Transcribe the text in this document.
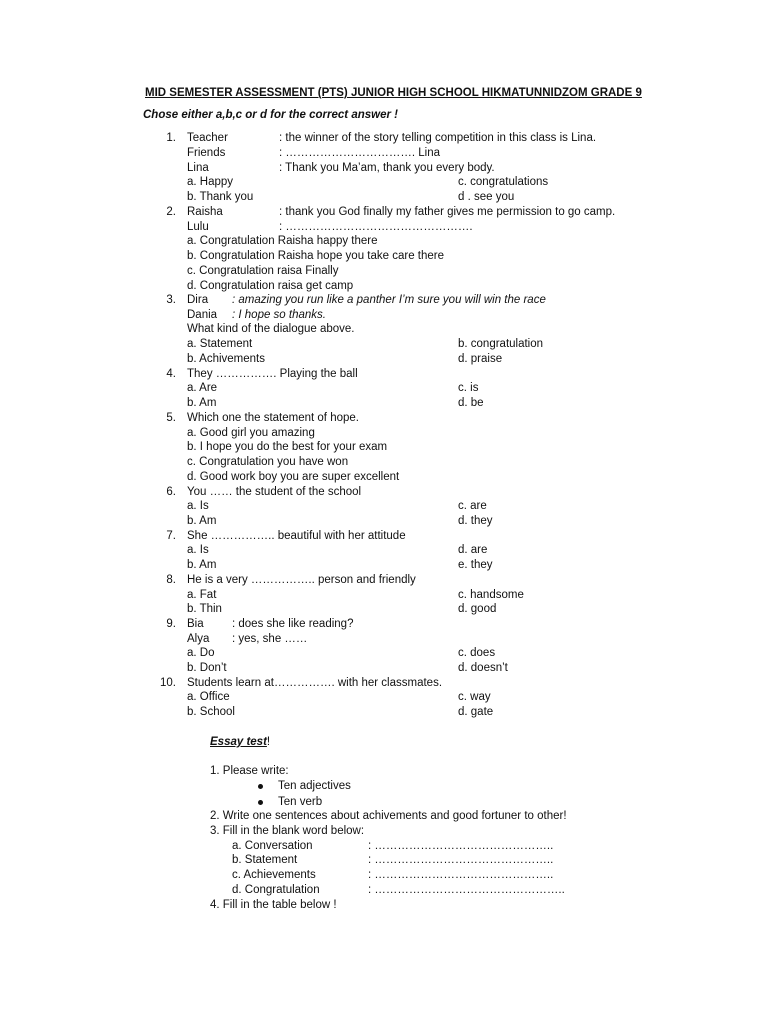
MID SEMESTER ASSESSMENT (PTS) JUNIOR HIGH SCHOOL HIKMATUNNIDZOM GRADE 9
Chose either a,b,c or d for the correct answer !
1. Teacher	: the winner of the story telling competition in this class is Lina.
Friends	: ……………………………. Lina
Lina	: Thank you Ma’am, thank you every body.
a. Happy	c. congratulations
b. Thank you	d . see you
2. Raisha	: thank you God finally my father gives me permission to go camp.
Lulu	: ………………………………………….
a. Congratulation Raisha happy there
b. Congratulation Raisha hope you take care there
c. Congratulation raisa Finally
d. Congratulation raisa get camp
3. Dira : amazing you run like a panther I’m sure you will win the race
Dania : I hope so thanks.
What kind of the dialogue above.
a. Statement	b. congratulation
b. Achivements	d. praise
4. They ……………. Playing the ball
a. Are	c. is
b. Am	d. be
5. Which one the statement of hope.
a. Good girl you amazing
b. I hope you do the best for your exam
c. Congratulation you have won
d. Good work boy you are super excellent
6. You …… the student of the school
a. Is	c. are
b. Am	d. they
7. She …………….. beautiful with her attitude
a. Is	d. are
b. Am	e. they
8. He is a very …………….. person and friendly
a. Fat	c. handsome
b. Thin	d. good
9. Bia : does she like reading?
Alya : yes, she ……
a. Do	c. does
b. Don’t	d. doesn’t
10. Students learn at……………. with her classmates.
a. Office	c. way
b. School	d. gate
Essay test!
1. Please write:
Ten adjectives
Ten verb
2. Write one sentences about achivements and good fortuner to other!
3. Fill in the blank word below:
a. Conversation	: ………………………………………..
b. Statement	: ………………………………………..
c. Achievements	: ………………………………………..
d. Congratulation	: …………………………………………..
4. Fill in the table below !
